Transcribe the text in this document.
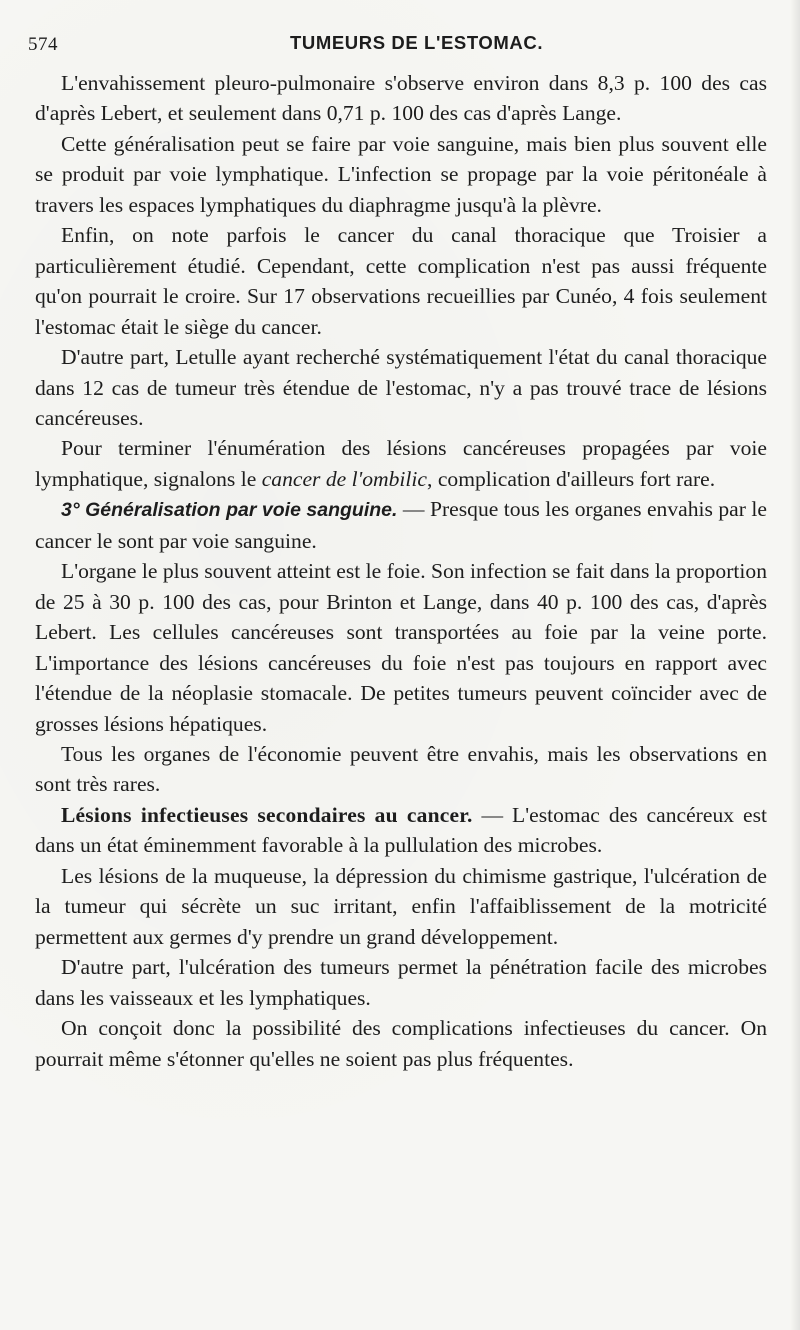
574	TUMEURS DE L'ESTOMAC.

L'envahissement pleuro-pulmonaire s'observe environ dans 8,3 p. 100 des cas d'après Lebert, et seulement dans 0,71 p. 100 des cas d'après Lange.

Cette généralisation peut se faire par voie sanguine, mais bien plus souvent elle se produit par voie lymphatique. L'infection se propage par la voie péritonéale à travers les espaces lymphatiques du diaphragme jusqu'à la plèvre.

Enfin, on note parfois le cancer du canal thoracique que Troisier a particulièrement étudié. Cependant, cette complication n'est pas aussi fréquente qu'on pourrait le croire. Sur 17 observations recueillies par Cunéo, 4 fois seulement l'estomac était le siège du cancer.

D'autre part, Letulle ayant recherché systématiquement l'état du canal thoracique dans 12 cas de tumeur très étendue de l'estomac, n'y a pas trouvé trace de lésions cancéreuses.

Pour terminer l'énumération des lésions cancéreuses propagées par voie lymphatique, signalons le cancer de l'ombilic, complication d'ailleurs fort rare.

3° Généralisation par voie sanguine. — Presque tous les organes envahis par le cancer le sont par voie sanguine.

L'organe le plus souvent atteint est le foie. Son infection se fait dans la proportion de 25 à 30 p. 100 des cas, pour Brinton et Lange, dans 40 p. 100 des cas, d'après Lebert. Les cellules cancéreuses sont transportées au foie par la veine porte. L'importance des lésions cancéreuses du foie n'est pas toujours en rapport avec l'étendue de la néoplasie stomacale. De petites tumeurs peuvent coïncider avec de grosses lésions hépatiques.

Tous les organes de l'économie peuvent être envahis, mais les observations en sont très rares.

Lésions infectieuses secondaires au cancer. — L'estomac des cancéreux est dans un état éminemment favorable à la pullulation des microbes.

Les lésions de la muqueuse, la dépression du chimisme gastrique, l'ulcération de la tumeur qui sécrète un suc irritant, enfin l'affaiblissement de la motricité permettent aux germes d'y prendre un grand développement.

D'autre part, l'ulcération des tumeurs permet la pénétration facile des microbes dans les vaisseaux et les lymphatiques.

On conçoit donc la possibilité des complications infectieuses du cancer. On pourrait même s'étonner qu'elles ne soient pas plus fréquentes.
